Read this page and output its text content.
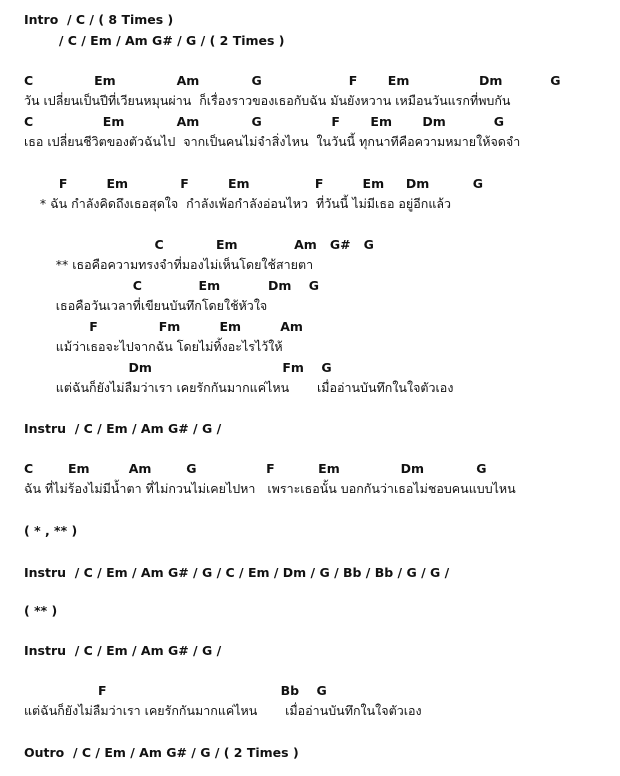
Intro  / C / ( 8 Times )
/ C / Em / Am G# / G / ( 2 Times )
C              Em              Am            G                    F       Em                Dm           G
วัน เปลี่ยนเป็นปีที่เวียนหมุนผ่าน  ก็เรื่องราวของเธอกับฉัน มันยังหวาน เหมือนวันแรกที่พบกัน
C                Em            Am            G                F       Em       Dm           G
เธอ เปลี่ยนชีวิตของตัวฉันไป  จากเป็นคนไม่จำสิ่งไหน  ในวันนี้ ทุกนาทีคือความหมายให้จดจำ
F         Em            F         Em               F         Em     Dm          G
* ฉัน กำลังคิดถึงเธอสุดใจ  กำลังเพ้อกำลังอ่อนไหว  ที่วันนี้ ไม่มีเธอ อยู่อีกแล้ว
C            Em             Am   G#   G
** เธอคือความทรงจำที่มองไม่เห็นโดยใช้สายตา
C             Em           Dm    G
เธอคือวันเวลาที่เขียนบันทึกโดยใช้หัวใจ
F              Fm         Em         Am
แม้ว่าเธอจะไปจากฉัน โดยไม่ทิ้งอะไรไว้ให้
Dm                              Fm    G
แต่ฉันก็ยังไม่ลืมว่าเรา เคยรักกันมากแค่ไหน       เมื่ออ่านบันทึกในใจตัวเอง
Instru  / C / Em / Am G# / G /
C        Em         Am        G                F          Em              Dm            G
ฉัน ที่ไม่ร้องไม่มีน้ำตา ที่ไม่กวนไม่เคยไปหา   เพราะเธอนั้น บอกกันว่าเธอไม่ชอบคนแบบไหน
( * , ** )
Instru  / C / Em / Am G# / G / C / Em / Dm / G / Bb / Bb / G / G /
( ** )
Instru  / C / Em / Am G# / G /
F                                        Bb    G
แต่ฉันก็ยังไม่ลืมว่าเรา เคยรักกันมากแค่ไหน       เมื่ออ่านบันทึกในใจตัวเอง
Outro  / C / Em / Am G# / G / ( 2 Times )
